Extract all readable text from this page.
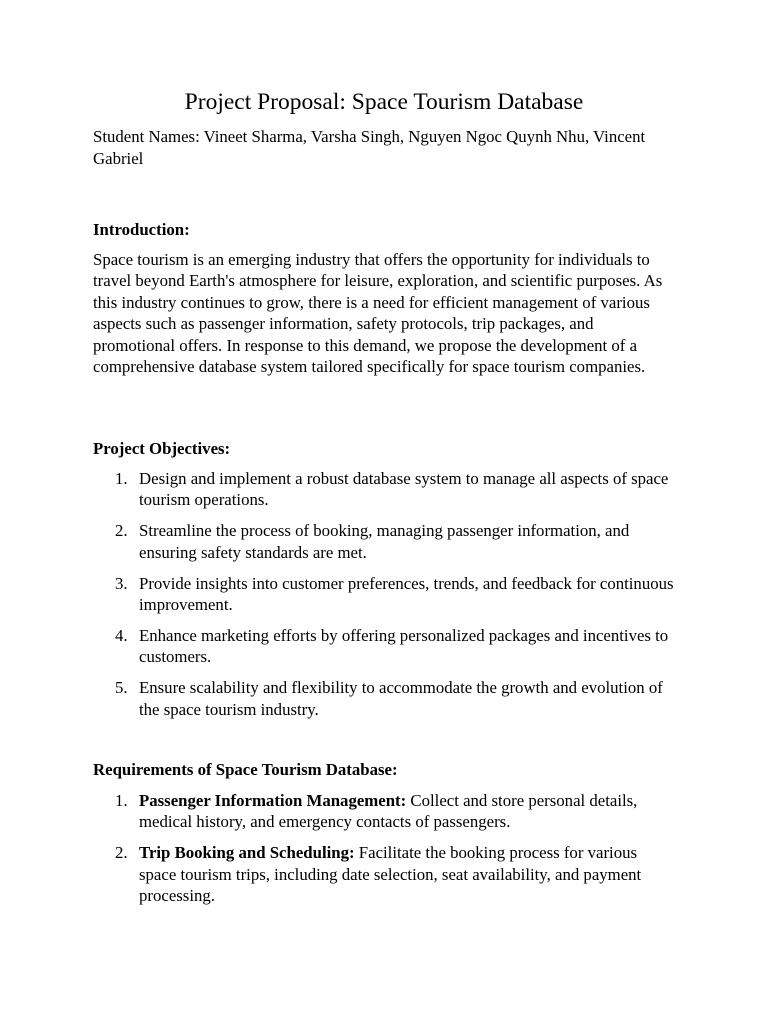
Project Proposal: Space Tourism Database

Student Names: Vineet Sharma, Varsha Singh, Nguyen Ngoc Quynh Nhu, Vincent Gabriel

Introduction:

Space tourism is an emerging industry that offers the opportunity for individuals to travel beyond Earth's atmosphere for leisure, exploration, and scientific purposes. As this industry continues to grow, there is a need for efficient management of various aspects such as passenger information, safety protocols, trip packages, and promotional offers. In response to this demand, we propose the development of a comprehensive database system tailored specifically for space tourism companies.

Project Objectives:
1. Design and implement a robust database system to manage all aspects of space tourism operations.
2. Streamline the process of booking, managing passenger information, and ensuring safety standards are met.
3. Provide insights into customer preferences, trends, and feedback for continuous improvement.
4. Enhance marketing efforts by offering personalized packages and incentives to customers.
5. Ensure scalability and flexibility to accommodate the growth and evolution of the space tourism industry.
Requirements of Space Tourism Database:
1. Passenger Information Management: Collect and store personal details, medical history, and emergency contacts of passengers.
2. Trip Booking and Scheduling: Facilitate the booking process for various space tourism trips, including date selection, seat availability, and payment processing.
